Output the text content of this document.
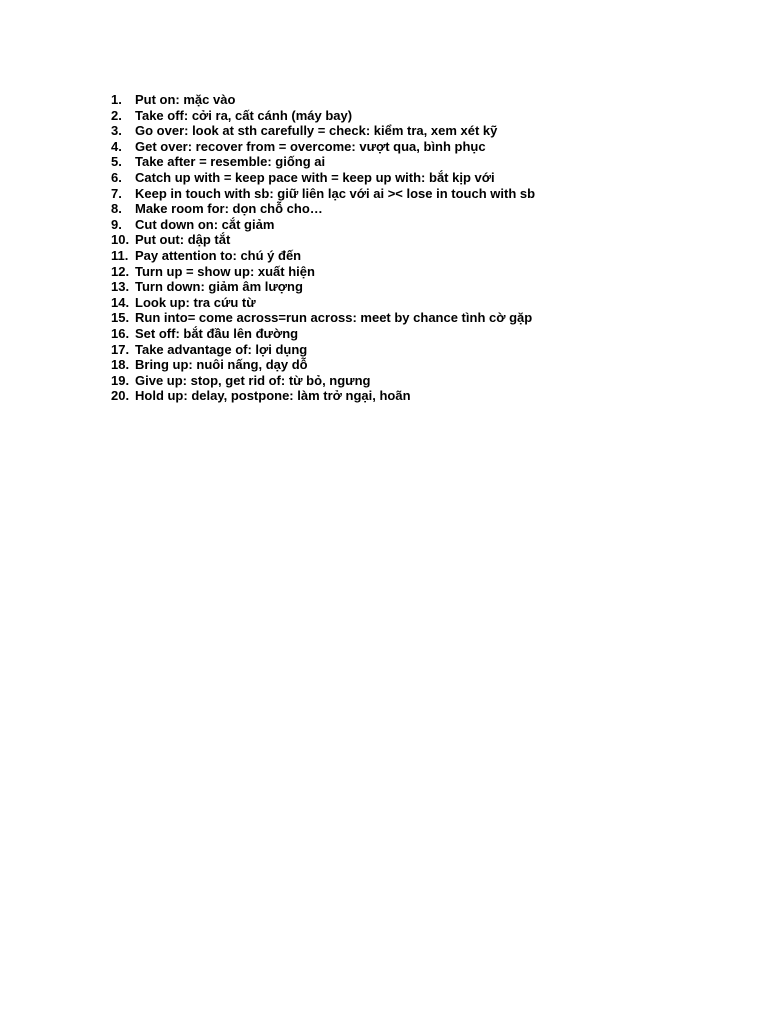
1.	Put on: mặc vào
2.	Take off: cởi ra, cất cánh (máy bay)
3.	Go over: look at sth carefully = check: kiểm tra, xem xét kỹ
4.	Get over: recover from = overcome: vượt qua, bình phục
5.	Take after = resemble: giống ai
6.	Catch up with = keep pace with = keep up with: bắt kịp với
7.	Keep in touch with sb: giữ liên lạc với ai >< lose in touch with sb
8.	Make room for: dọn chỗ cho…
9.	Cut down on: cắt giảm
10. Put out: dập tắt
11. Pay attention to: chú ý đến
12. Turn up = show up: xuất hiện
13. Turn down: giảm âm lượng
14. Look up: tra cứu từ
15. Run into= come across=run across: meet by chance tình cờ gặp
16. Set off: bắt đầu lên đường
17. Take advantage of: lợi dụng
18. Bring up: nuôi nấng, dạy dỗ
19. Give up: stop, get rid of: từ bỏ, ngưng
20. Hold up: delay, postpone: làm trở ngại, hoãn
